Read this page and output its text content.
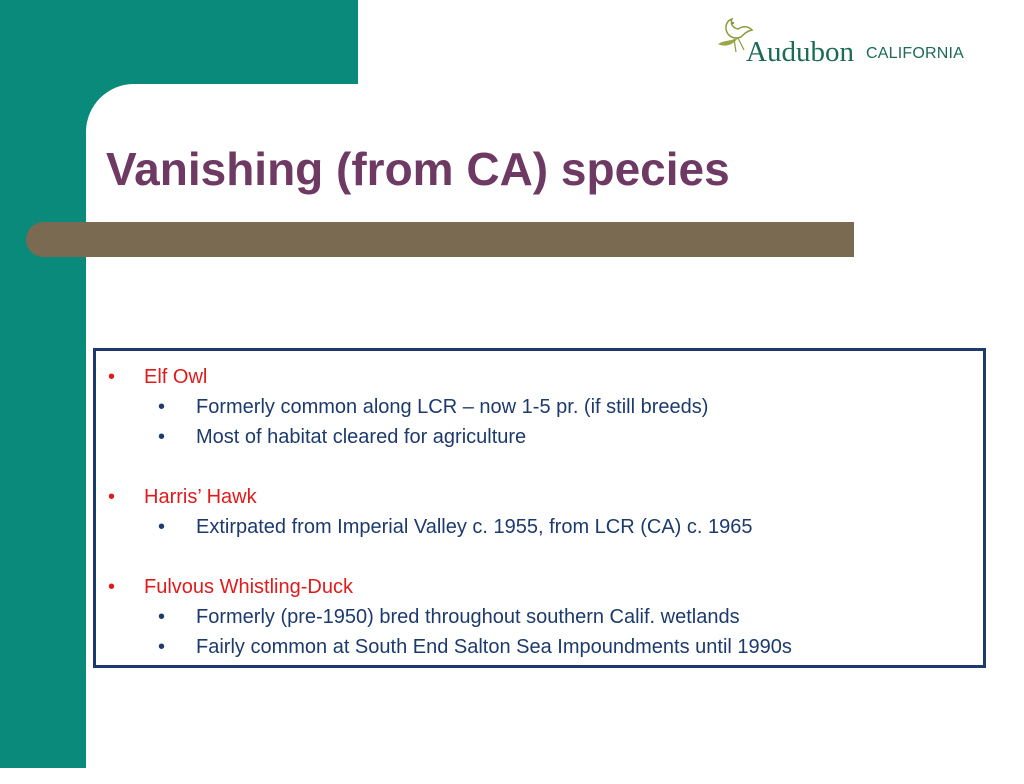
Audubon CALIFORNIA
Vanishing (from CA) species
• Elf Owl
• Formerly common along LCR – now 1-5 pr. (if still breeds)
• Most of habitat cleared for agriculture
• Harris’ Hawk
• Extirpated from Imperial Valley c. 1955, from LCR (CA) c. 1965
• Fulvous Whistling-Duck
• Formerly (pre-1950) bred throughout southern Calif. wetlands
• Fairly common at South End Salton Sea Impoundments until 1990s
